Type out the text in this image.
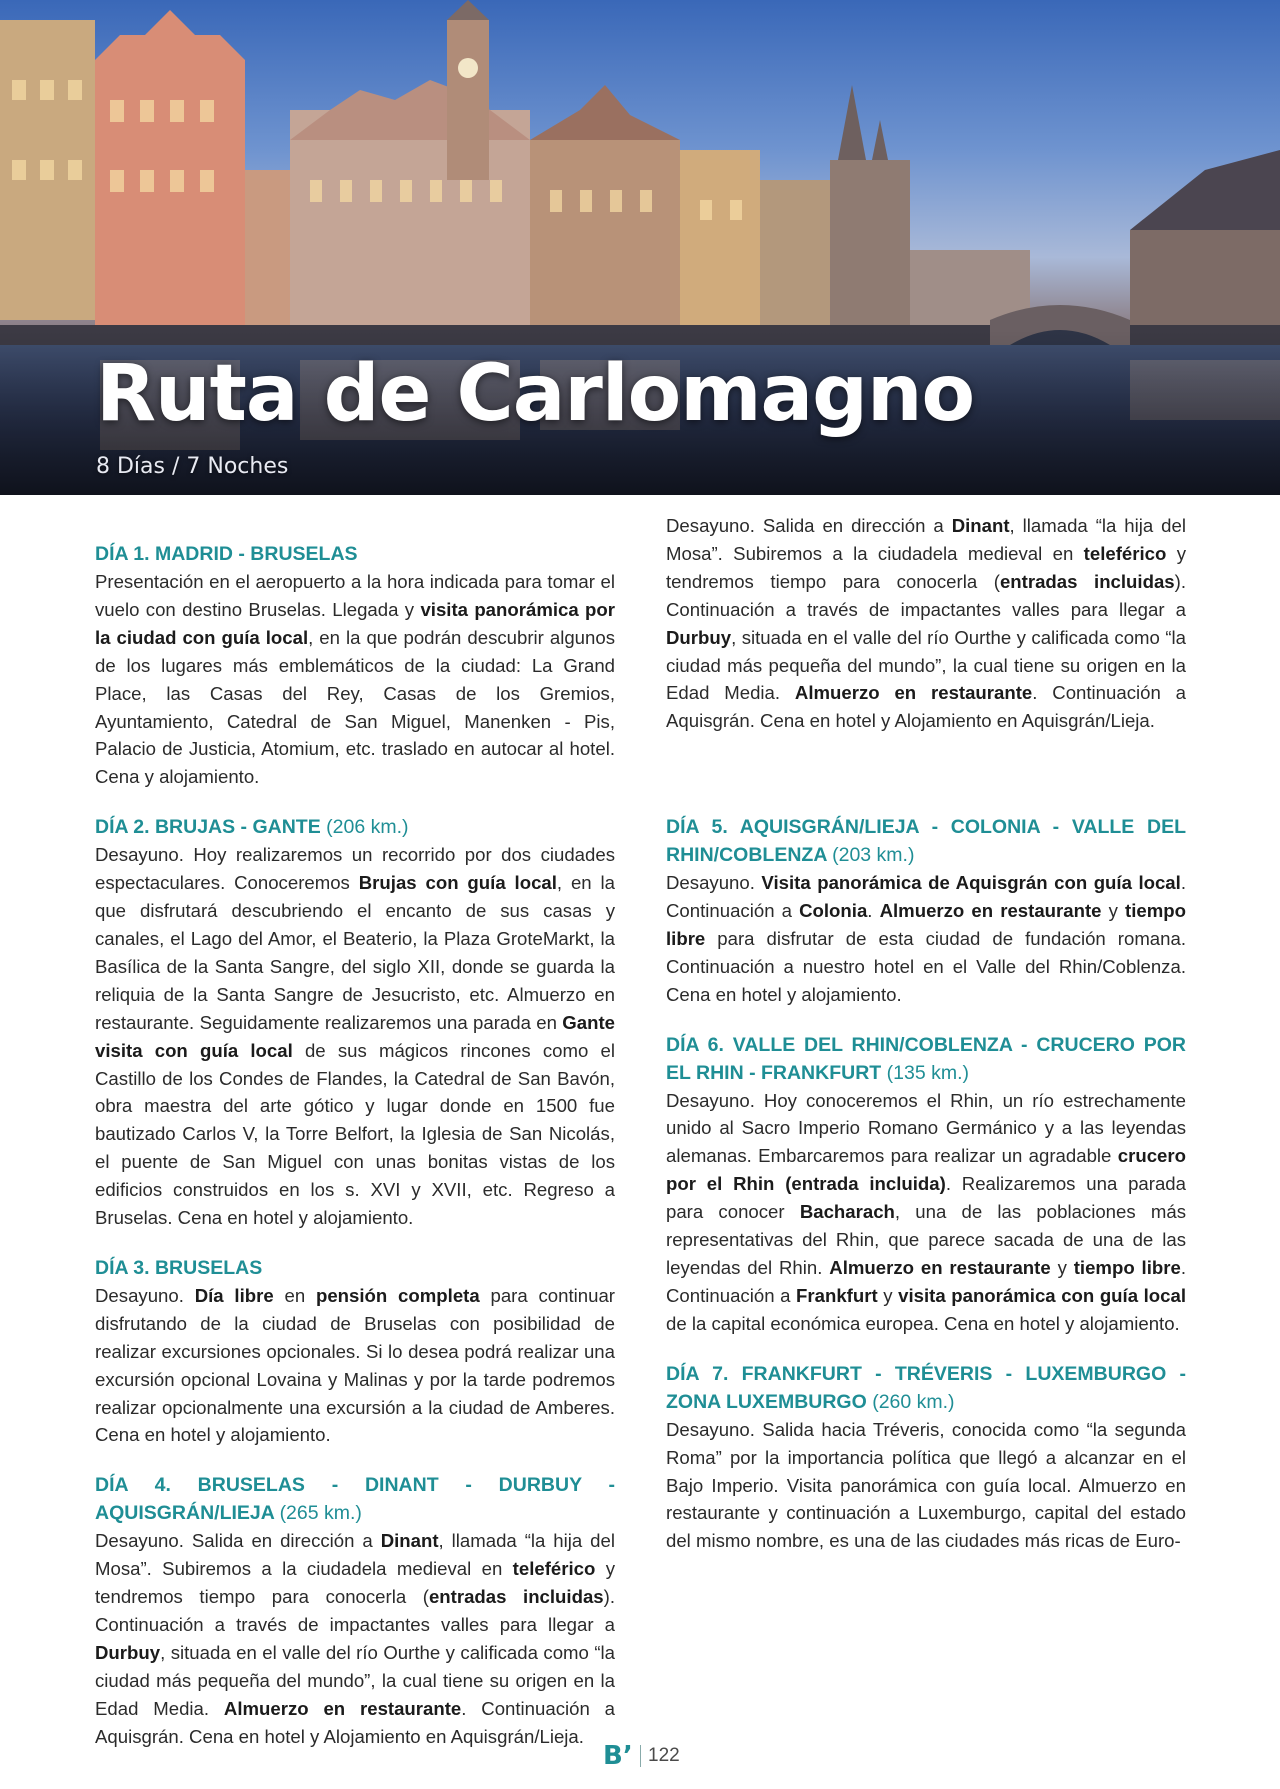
Ruta de Carlomagno
8 Días / 7 Noches
DÍA 1. MADRID - BRUSELAS

Presentación en el aeropuerto a la hora indicada para tomar el vuelo con destino Bruselas. Llegada y visita panorámica por la ciudad con guía local, en la que podrán descubrir algunos de los lugares más emblemáticos de la ciudad: La Grand Place, las Casas del Rey, Casas de los Gremios, Ayuntamiento, Catedral de San Miguel, Manenken - Pis, Palacio de Justicia, Atomium, etc. traslado en autocar al hotel. Cena y alojamiento.

DÍA 2. BRUJAS - GANTE (206 km.)

Desayuno. Hoy realizaremos un recorrido por dos ciudades espectaculares. Conoceremos Brujas con guía local, en la que disfrutará descubriendo el encanto de sus casas y canales, el Lago del Amor, el Beaterio, la Plaza GroteMarkt, la Basílica de la Santa Sangre, del siglo XII, donde se guarda la reliquia de la Santa Sangre de Jesucristo, etc. Almuerzo en restaurante. Seguidamente realizaremos una parada en Gante visita con guía local de sus mágicos rincones como el Castillo de los Condes de Flandes, la Catedral de San Bavón, obra maestra del arte gótico y lugar donde en 1500 fue bautizado Carlos V, la Torre Belfort, la Iglesia de San Nicolás, el puente de San Miguel con unas bonitas vistas de los edificios construidos en los s. XVI y XVII, etc. Regreso a Bruselas. Cena en hotel y alojamiento.

DÍA 3. BRUSELAS

Desayuno. Día libre en pensión completa para continuar disfrutando de la ciudad de Bruselas con posibilidad de realizar excursiones opcionales. Si lo desea podrá realizar una excursión opcional Lovaina y Malinas y por la tarde podremos realizar opcionalmente una excursión a la ciudad de Amberes. Cena en hotel y alojamiento.

DÍA 4. BRUSELAS - DINANT - DURBUY - AQUISGRÁN/LIEJA (265 km.)

Desayuno. Salida en dirección a Dinant, llamada “la hija del Mosa”. Subiremos a la ciudadela medieval en teleférico y tendremos tiempo para conocerla (entradas incluidas). Continuación a través de impactantes valles para llegar a Durbuy, situada en el valle del río Ourthe y calificada como “la ciudad más pequeña del mundo”, la cual tiene su origen en la Edad Media. Almuerzo en restaurante. Continuación a Aquisgrán. Cena en hotel y Alojamiento en Aquisgrán/Lieja.

Desayuno. Salida en dirección a Dinant, llamada “la hija del Mosa”. Subiremos a la ciudadela medieval en teleférico y tendremos tiempo para conocerla (entradas incluidas). Continuación a través de impactantes valles para llegar a Durbuy, situada en el valle del río Ourthe y calificada como “la ciudad más pequeña del mundo”, la cual tiene su origen en la Edad Media. Almuerzo en restaurante. Continuación a Aquisgrán. Cena en hotel y Alojamiento en Aquisgrán/Lieja.

DÍA 5. AQUISGRÁN/LIEJA - COLONIA - VALLE DEL RHIN/COBLENZA (203 km.)

Desayuno. Visita panorámica de Aquisgrán con guía local. Continuación a Colonia. Almuerzo en restaurante y tiempo libre para disfrutar de esta ciudad de fundación romana. Continuación a nuestro hotel en el Valle del Rhin/Coblenza. Cena en hotel y alojamiento.

DÍA 6. VALLE DEL RHIN/COBLENZA - CRUCERO POR EL RHIN - FRANKFURT (135 km.)

Desayuno. Hoy conoceremos el Rhin, un río estrechamente unido al Sacro Imperio Romano Germánico y a las leyendas alemanas. Embarcaremos para realizar un agradable crucero por el Rhin (entrada incluida). Realizaremos una parada para conocer Bacharach, una de las poblaciones más representativas del Rhin, que parece sacada de una de las leyendas del Rhin. Almuerzo en restaurante y tiempo libre. Continuación a Frankfurt y visita panorámica con guía local de la capital económica europea. Cena en hotel y alojamiento.

DÍA 7. FRANKFURT - TRÉVERIS - LUXEMBURGO - ZONA LUXEMBURGO (260 km.)

Desayuno. Salida hacia Tréveris, conocida como “la segunda Roma” por la importancia política que llegó a alcanzar en el Bajo Imperio. Visita panorámica con guía local. Almuerzo en restaurante y continuación a Luxemburgo, capital del estado del mismo nombre, es una de las ciudades más ricas de Euro-

B’ 122
